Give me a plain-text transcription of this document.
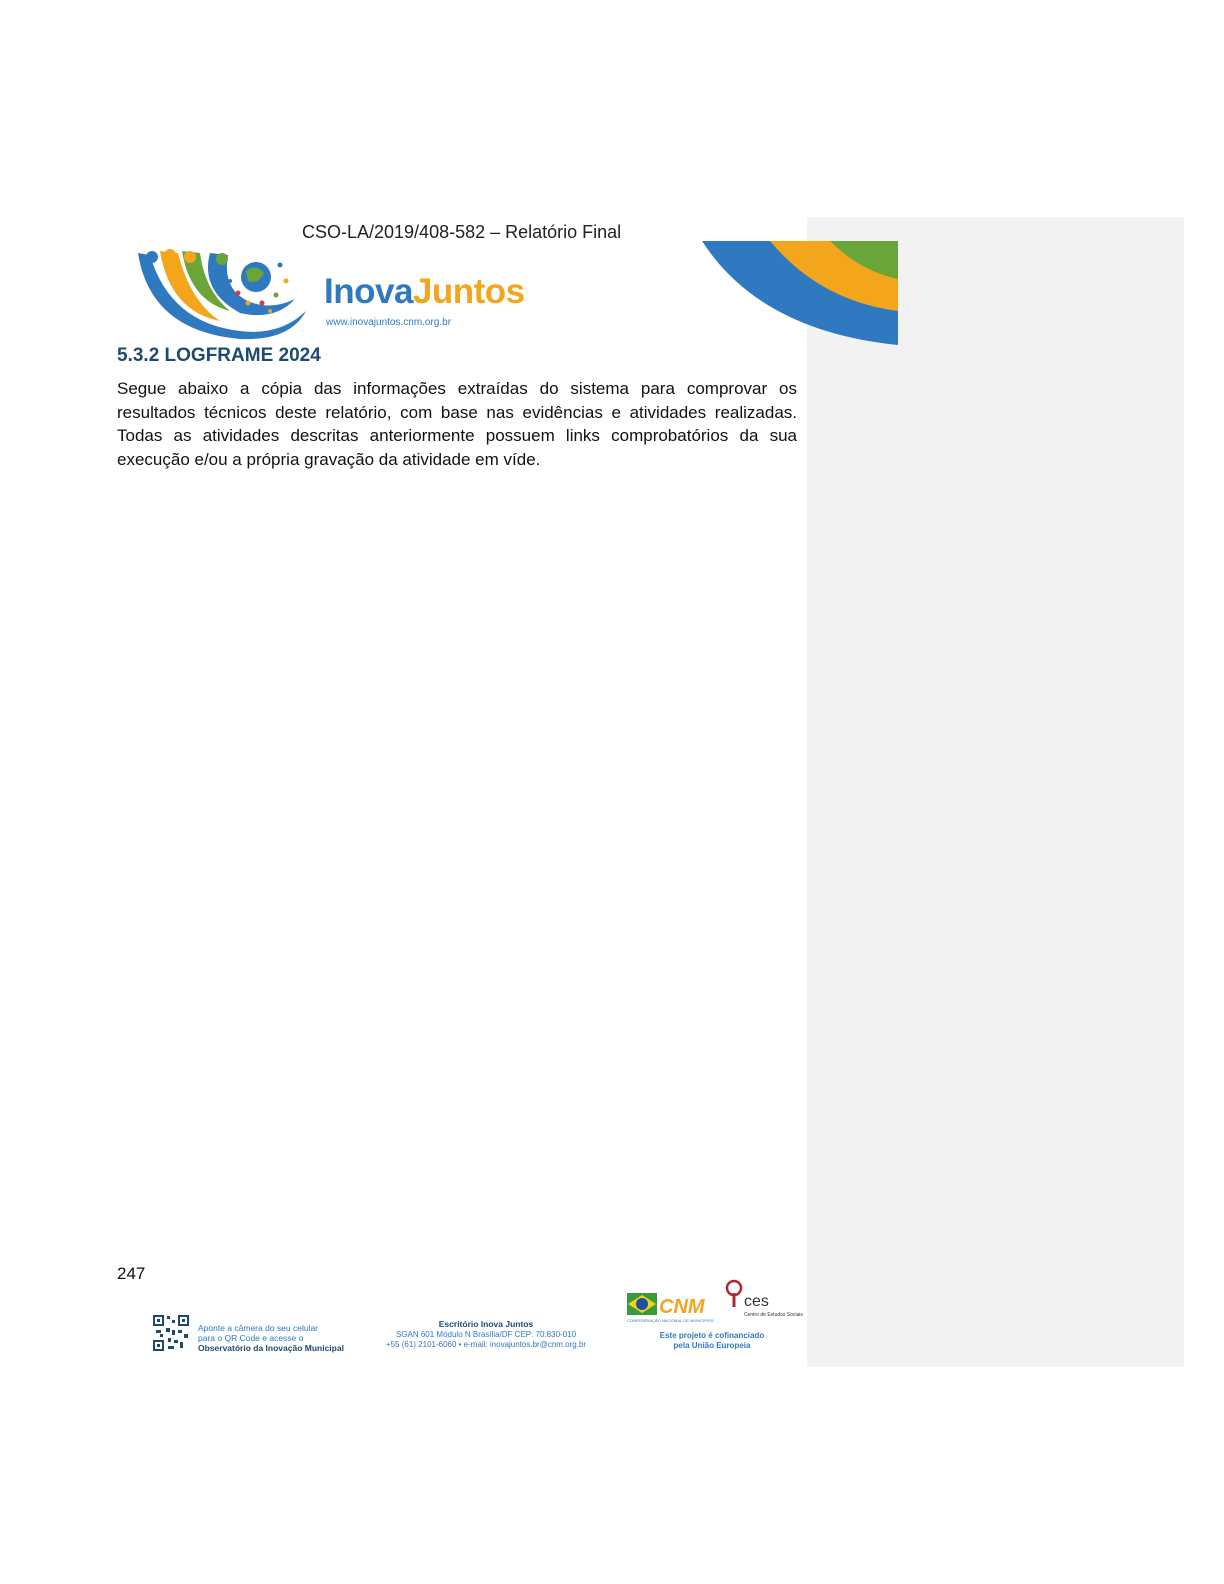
CSO-LA/2019/408-582 – Relatório Final
InovaJuntos
www.inovajuntos.cnm.org.br
5.3.2 LOGFRAME 2024

Segue abaixo a cópia das informações extraídas do sistema para comprovar os resultados técnicos deste relatório, com base nas evidências e atividades realizadas. Todas as atividades descritas anteriormente possuem links comprobatórios da sua execução e/ou a própria gravação da atividade em víde.

247
Aponte a câmera do seu celular
para o QR Code e acesse o
Observatório da Inovação Municipal
Escritório Inova Juntos
SGAN 601 Módulo N Brasília/DF CEP: 70.830-010
+55 (61) 2101-6060 • e-mail: inovajuntos.br@cnm.org.br
CNM ces
Centro de Estudos Sociais
CONFEDERAÇÃO NACIONAL DE MUNICÍPIOS
Este projeto é cofinanciado
pela União Europeia
